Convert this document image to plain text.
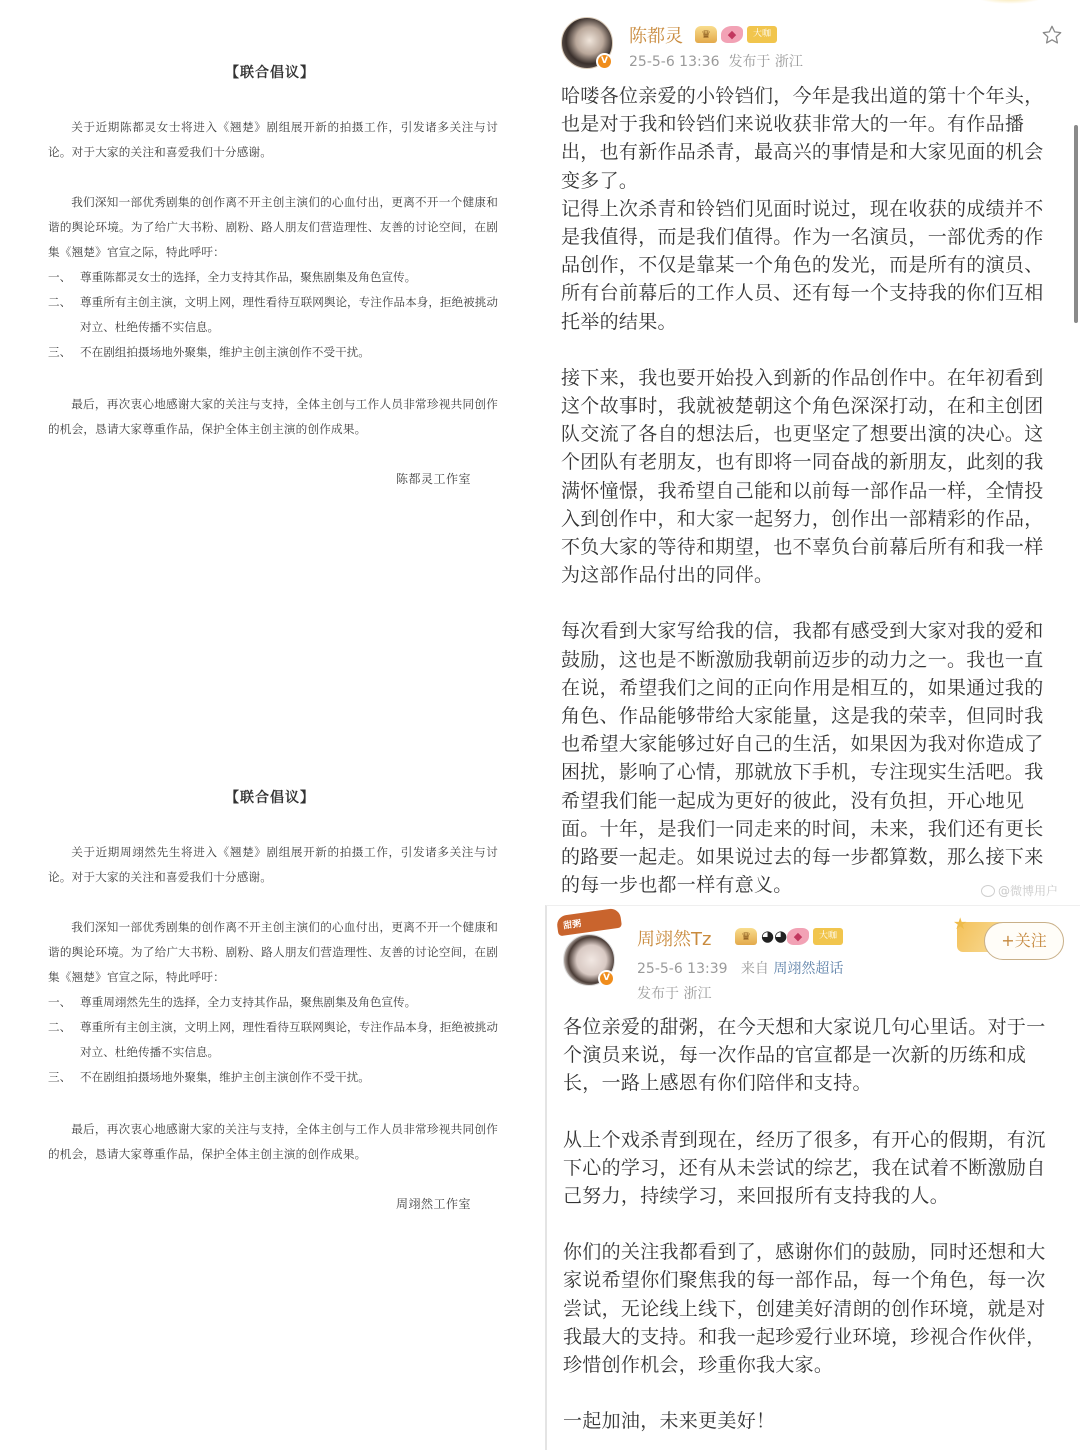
【联合倡议】

关于近期陈都灵女士将进入《翘楚》剧组展开新的拍摄工作，引发诸多关注与讨论。对于大家的关注和喜爱我们十分感谢。

我们深知一部优秀剧集的创作离不开主创主演们的心血付出，更离不开一个健康和谐的舆论环境。为了给广大书粉、剧粉、路人朋友们营造理性、友善的讨论空间，在剧集《翘楚》官宣之际，特此呼吁：

一、 尊重陈都灵女士的选择，全力支持其作品，聚焦剧集及角色宣传。
二、 尊重所有主创主演，文明上网，理性看待互联网舆论，专注作品本身，拒绝被挑动对立、杜绝传播不实信息。
三、 不在剧组拍摄场地外聚集，维护主创主演创作不受干扰。

最后，再次衷心地感谢大家的关注与支持，全体主创与工作人员非常珍视共同创作的机会，恳请大家尊重作品，保护全体主创主演的创作成果。

陈都灵工作室
【联合倡议】

关于近期周翊然先生将进入《翘楚》剧组展开新的拍摄工作，引发诸多关注与讨论。对于大家的关注和喜爱我们十分感谢。

我们深知一部优秀剧集的创作离不开主创主演们的心血付出，更离不开一个健康和谐的舆论环境。为了给广大书粉、剧粉、路人朋友们营造理性、友善的讨论空间，在剧集《翘楚》官宣之际，特此呼吁：

一、 尊重周翊然先生的选择，全力支持其作品，聚焦剧集及角色宣传。
二、 尊重所有主创主演，文明上网，理性看待互联网舆论，专注作品本身，拒绝被挑动对立、杜绝传播不实信息。
三、 不在剧组拍摄场地外聚集，维护主创主演创作不受干扰。

最后，再次衷心地感谢大家的关注与支持，全体主创与工作人员非常珍视共同创作的机会，恳请大家尊重作品，保护全体主创主演的创作成果。

周翊然工作室
V
陈都灵	♛	◆	大咖
25-5-6 13:36 发布于 浙江

哈喽各位亲爱的小铃铛们，今年是我出道的第十个年头，也是对于我和铃铛们来说收获非常大的一年。有作品播出，也有新作品杀青，最高兴的事情是和大家见面的机会变多了。

记得上次杀青和铃铛们见面时说过，现在收获的成绩并不是我值得，而是我们值得。作为一名演员，一部优秀的作品创作，不仅是靠某一个角色的发光，而是所有的演员、所有台前幕后的工作人员、还有每一个支持我的你们互相托举的结果。

接下来，我也要开始投入到新的作品创作中。在年初看到这个故事时，我就被楚朝这个角色深深打动，在和主创团队交流了各自的想法后，也更坚定了想要出演的决心。这个团队有老朋友，也有即将一同奋战的新朋友，此刻的我满怀憧憬，我希望自己能和以前每一部作品一样，全情投入到创作中，和大家一起努力，创作出一部精彩的作品，不负大家的等待和期望，也不辜负台前幕后所有和我一样为这部作品付出的同伴。

每次看到大家写给我的信，我都有感受到大家对我的爱和鼓励，这也是不断激励我朝前迈步的动力之一。我也一直在说，希望我们之间的正向作用是相互的，如果通过我的角色、作品能够带给大家能量，这是我的荣幸，但同时我也希望大家能够过好自己的生活，如果因为我对你造成了困扰，影响了心情，那就放下手机，专注现实生活吧。我希望我们能一起成为更好的彼此，没有负担，开心地见面。十年，是我们一同走来的时间，未来，我们还有更长的路要一起走。如果说过去的每一步都算数，那么接下来的每一步也都一样有意义。	@微博用户
甜粥
V
周翊然Tz	♛ ◕◕ ◆	大咖
25-5-6 13:39 来自 周翊然超话
发布于 浙江
★
+关注

各位亲爱的甜粥，在今天想和大家说几句心里话。对于一个演员来说，每一次作品的官宣都是一次新的历练和成长，一路上感恩有你们陪伴和支持。

从上个戏杀青到现在，经历了很多，有开心的假期，有沉下心的学习，还有从未尝试的综艺，我在试着不断激励自己努力，持续学习，来回报所有支持我的人。

你们的关注我都看到了，感谢你们的鼓励，同时还想和大家说希望你们聚焦我的每一部作品，每一个角色，每一次尝试，无论线上线下，创建美好清朗的创作环境，就是对我最大的支持。和我一起珍爱行业环境，珍视合作伙伴，珍惜创作机会，珍重你我大家。

一起加油，未来更美好！
